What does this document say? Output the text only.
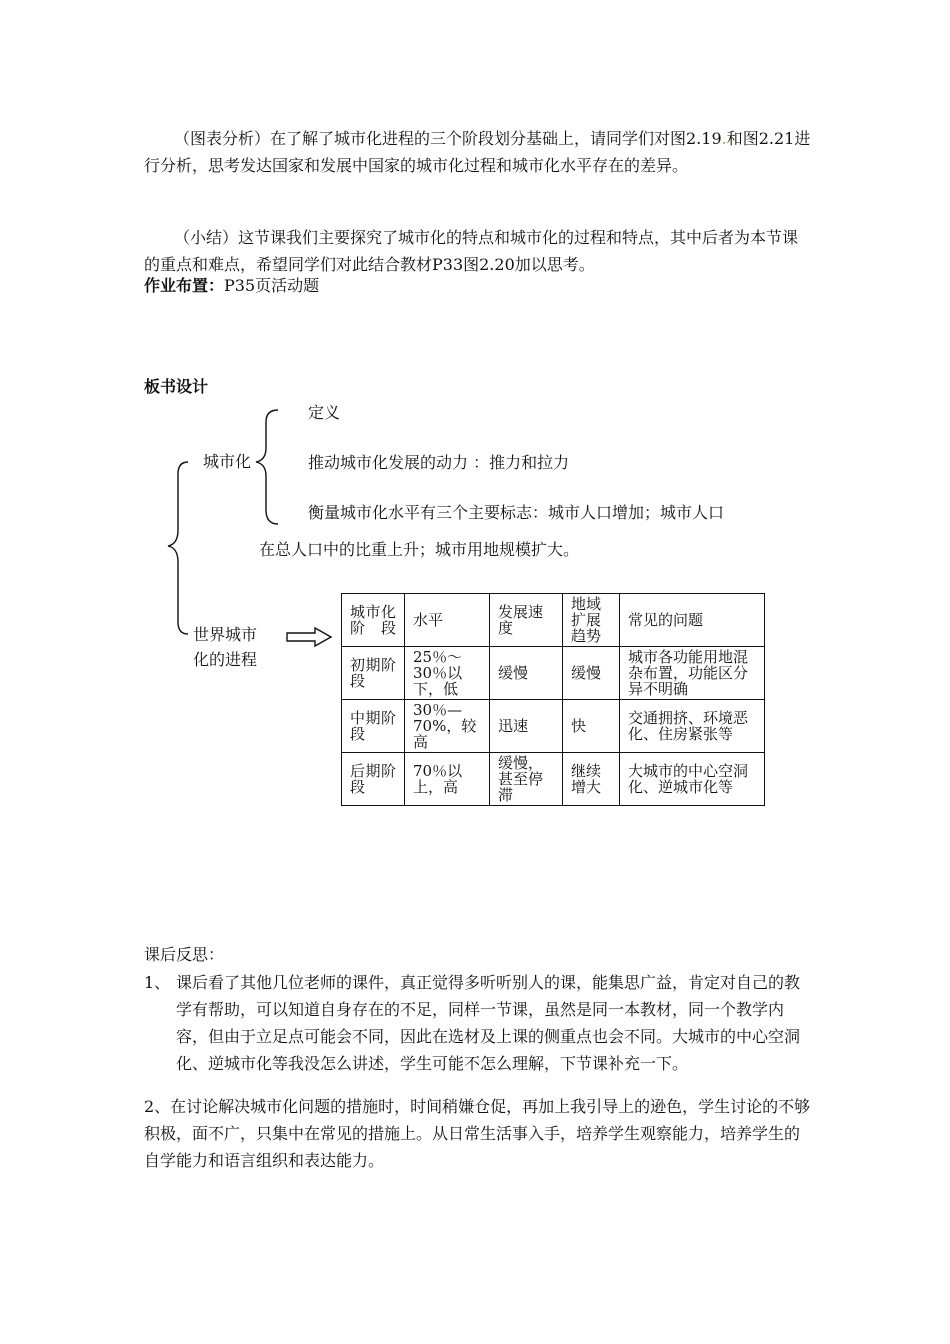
（图表分析）在了解了城市化进程的三个阶段划分基础上，请同学们对图2.19.和图2.21进行分析，思考发达国家和发展中国家的城市化过程和城市化水平存在的差异。
（小结）这节课我们主要探究了城市化的特点和城市化的过程和特点，其中后者为本节课的重点和难点，希望同学们对此结合教材P33图2.20加以思考。
作业布置：P35页活动题
板书设计
城市化
定义
推动城市化发展的动力 ：推力和拉力
衡量城市化水平有三个主要标志：城市人口增加；城市人口
在总人口中的比重上升；城市用地规模扩大。
世界城市
化的进程
城市化阶段	水平	发展速度	地域扩展趋势	常见的问题
初期阶段	25％～30％以下，低	缓慢	缓慢	城市各功能用地混杂布置，功能区分异不明确
中期阶段	30％—70%，较高	迅速	快	交通拥挤、环境恶化、住房紧张等
后期阶段	70％以上，高	缓慢，甚至停滞	继续增大	大城市的中心空洞化、逆城市化等
课后反思：
1、 课后看了其他几位老师的课件，真正觉得多听听别人的课，能集思广益，肯定对自己的教学有帮助，可以知道自身存在的不足，同样一节课，虽然是同一本教材，同一个教学内容，但由于立足点可能会不同，因此在选材及上课的侧重点也会不同。大城市的中心空洞化、逆城市化等我没怎么讲述，学生可能不怎么理解，下节课补充一下。
2、在讨论解决城市化问题的措施时，时间稍嫌仓促，再加上我引导上的逊色，学生讨论的不够积极，面不广，只集中在常见的措施上。从日常生活事入手，培养学生观察能力，培养学生的自学能力和语言组织和表达能力。
